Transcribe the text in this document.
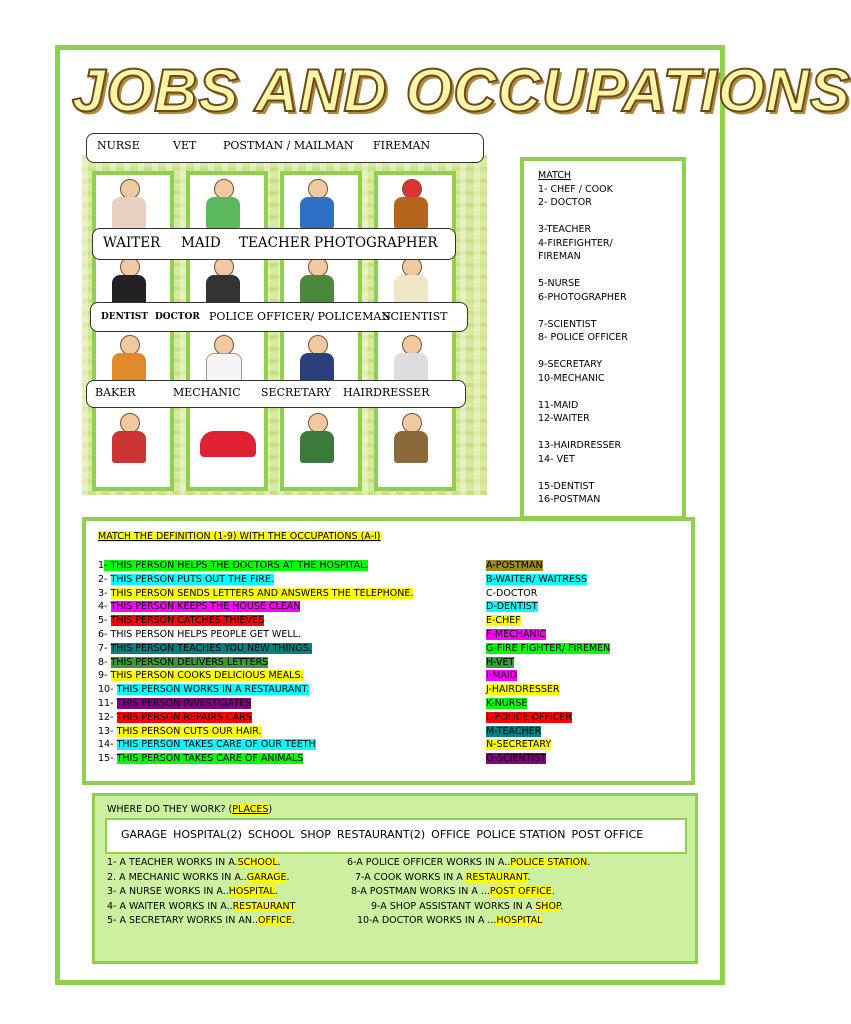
JOBS AND OCCUPATIONS
NURSE	VET POSTMAN / MAILMAN FIREMAN
WAITER MAID TEACHER PHOTOGRAPHER
DENTIST DOCTOR POLICE OFFICER/ POLICEMAN
SCIENTIST
BAKER	MECHANIC SECRETARY HAIRDRESSER
MATCH
1- CHEF / COOK
2- DOCTOR
3-TEACHER
4-FIREFIGHTER/
FIREMAN
5-NURSE
6-PHOTOGRAPHER
7-SCIENTIST
8- POLICE OFFICER
9-SECRETARY
10-MECHANIC
11-MAID
12-WAITER
13-HAIRDRESSER
14- VET
15-DENTIST
16-POSTMAN
MATCH THE DEFINITION (1-9) WITH THE OCCUPATIONS (A-I)
1- THIS PERSON HELPS THE DOCTORS AT THE HOSPITAL.
2- THIS PERSON PUTS OUT THE FIRE.
3- THIS PERSON SENDS LETTERS AND ANSWERS THE TELEPHONE.
4- THIS PERSON KEEPS THE HOUSE CLEAN
5- THIS PERSON CATCHES THIEVES
6- THIS PERSON HELPS PEOPLE GET WELL.
7- THIS PERSON TEACHES YOU NEW THINGS.
8- THIS PERSON DELIVERS LETTERS
9- THIS PERSON COOKS DELICIOUS MEALS.
10- THIS PERSON WORKS IN A RESTAURANT.
11- THIS PERSON INVESTIGATES
12- THIS PERSON REPAIRS CARS
13- THIS PERSON CUTS OUR HAIR.
14- THIS PERSON TAKES CARE OF OUR TEETH
15- THIS PERSON TAKES CARE OF ANIMALS
A-POSTMAN
B-WAITER/ WAITRESS
C-DOCTOR
D-DENTIST
E-CHEF
F-MECHANIC
G-FIRE FIGHTER/ FIREMEN
H-VET
I-MAID
J-HAIRDRESSER
K-NURSE
L-POLICE OFFICER
M-TEACHER
N-SECRETARY
O-SCIENTIST
WHERE DO THEY WORK? (PLACES)
GARAGE HOSPITAL(2) SCHOOL SHOP RESTAURANT(2) OFFICE POLICE STATION POST OFFICE
1- A TEACHER WORKS IN A.SCHOOL.
2. A MECHANIC WORKS IN A..GARAGE.
3- A NURSE WORKS IN A..HOSPITAL.
4- A WAITER WORKS IN A..RESTAURANT
5- A SECRETARY WORKS IN AN..OFFICE.
6-A POLICE OFFICER WORKS IN A..POLICE STATION.
7-A COOK WORKS IN A RESTAURANT.
8-A POSTMAN WORKS IN A ...POST OFFICE.
9-A SHOP ASSISTANT WORKS IN A SHOP.
10-A DOCTOR WORKS IN A ...HOSPITAL
